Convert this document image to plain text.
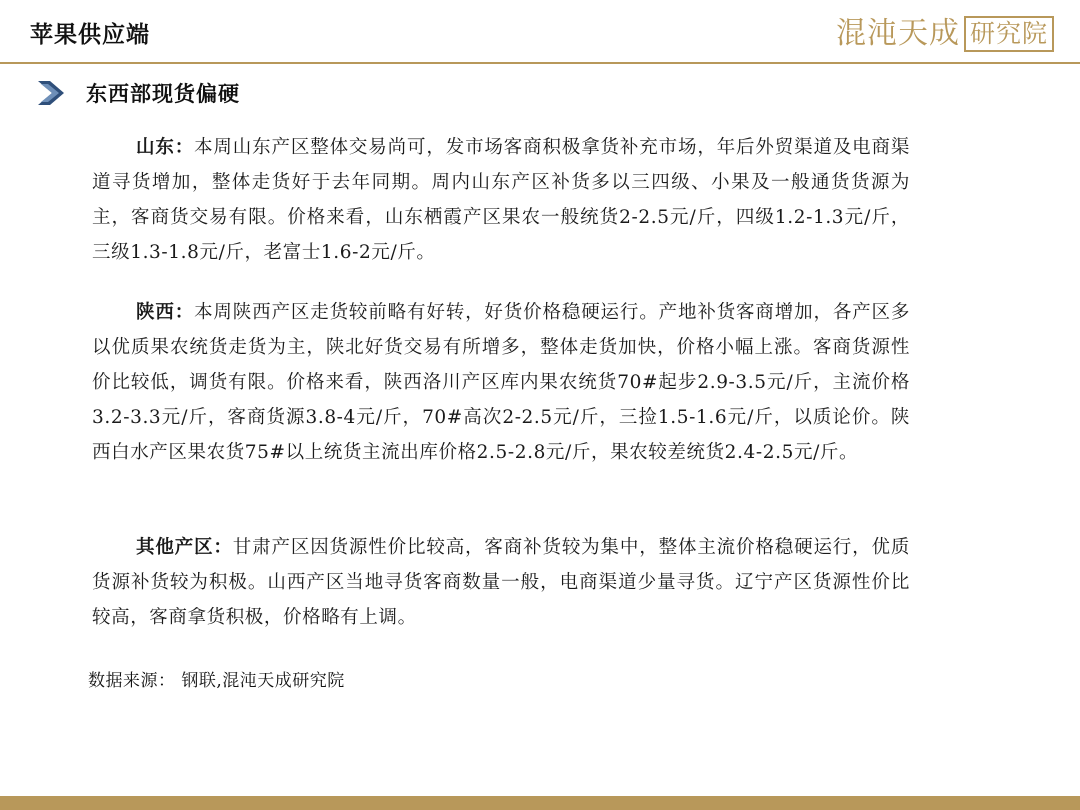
苹果供应端	混沌天成 研究院
东西部现货偏硬

山东：本周山东产区整体交易尚可，发市场客商积极拿货补充市场，年后外贸渠道及电商渠道寻货增加，整体走货好于去年同期。周内山东产区补货多以三四级、小果及一般通货货源为主，客商货交易有限。价格来看，山东栖霞产区果农一般统货2-2.5元/斤，四级1.2-1.3元/斤，三级1.3-1.8元/斤，老富士1.6-2元/斤。

陕西：本周陕西产区走货较前略有好转，好货价格稳硬运行。产地补货客商增加，各产区多以优质果农统货走货为主，陕北好货交易有所增多，整体走货加快，价格小幅上涨。客商货源性价比较低，调货有限。价格来看，陕西洛川产区库内果农统货70#起步2.9-3.5元/斤，主流价格3.2-3.3元/斤，客商货源3.8-4元/斤，70#高次2-2.5元/斤，三捡1.5-1.6元/斤，以质论价。陕西白水产区果农货75#以上统货主流出库价格2.5-2.8元/斤，果农较差统货2.4-2.5元/斤。

其他产区：甘肃产区因货源性价比较高，客商补货较为集中，整体主流价格稳硬运行，优质货源补货较为积极。山西产区当地寻货客商数量一般，电商渠道少量寻货。辽宁产区货源性价比较高，客商拿货积极，价格略有上调。

数据来源： 钢联,混沌天成研究院
